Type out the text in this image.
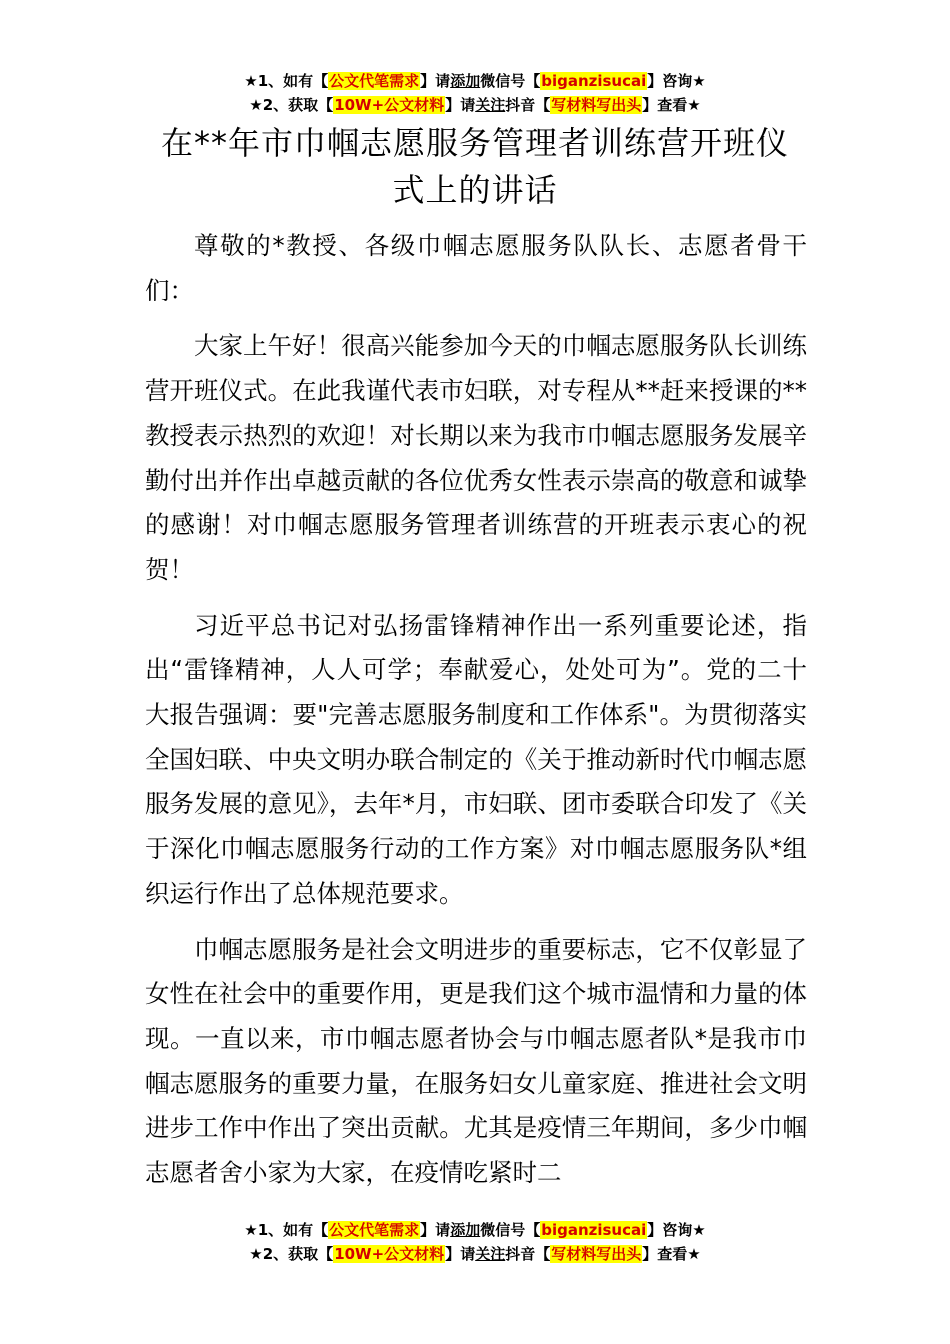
★1、如有【公文代笔需求】请添加微信号【biganzisucai】咨询★
★2、获取【10W+公文材料】请关注抖音【写材料写出头】查看★
在**年市巾帼志愿服务管理者训练营开班仪式上的讲话

尊敬的*教授、各级巾帼志愿服务队队长、志愿者骨干们：

大家上午好！很高兴能参加今天的巾帼志愿服务队长训练营开班仪式。在此我谨代表市妇联，对专程从**赶来授课的**教授表示热烈的欢迎！对长期以来为我市巾帼志愿服务发展辛勤付出并作出卓越贡献的各位优秀女性表示崇高的敬意和诚挚的感谢！对巾帼志愿服务管理者训练营的开班表示衷心的祝贺！

习近平总书记对弘扬雷锋精神作出一系列重要论述，指出“雷锋精神，人人可学；奉献爱心，处处可为”。党的二十大报告强调：要"完善志愿服务制度和工作体系"。为贯彻落实全国妇联、中央文明办联合制定的《关于推动新时代巾帼志愿服务发展的意见》，去年*月，市妇联、团市委联合印发了《关于深化巾帼志愿服务行动的工作方案》对巾帼志愿服务队*组织运行作出了总体规范要求。

巾帼志愿服务是社会文明进步的重要标志，它不仅彰显了女性在社会中的重要作用，更是我们这个城市温情和力量的体现。一直以来，市巾帼志愿者协会与巾帼志愿者队*是我市巾帼志愿服务的重要力量，在服务妇女儿童家庭、推进社会文明进步工作中作出了突出贡献。尤其是疫情三年期间，多少巾帼志愿者舍小家为大家，在疫情吃紧时二

★1、如有【公文代笔需求】请添加微信号【biganzisucai】咨询★
★2、获取【10W+公文材料】请关注抖音【写材料写出头】查看★
